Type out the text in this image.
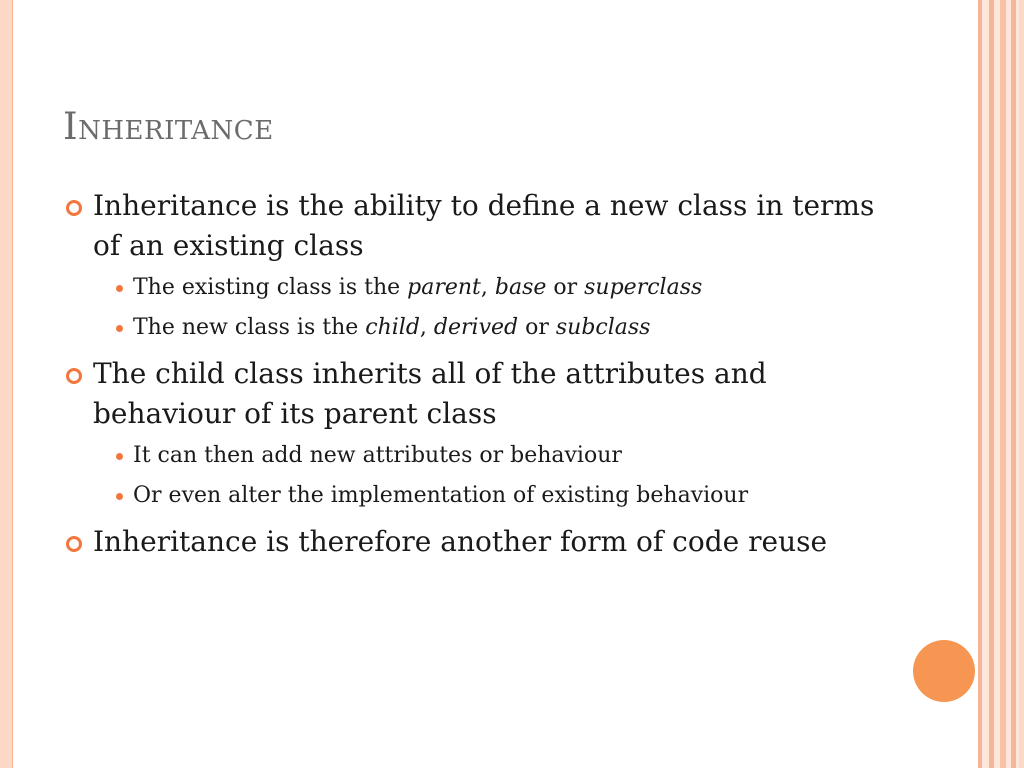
Inheritance
Inheritance is the ability to define a new class in terms of an existing class
The existing class is the parent, base or superclass
The new class is the child, derived or subclass
The child class inherits all of the attributes and behaviour of its parent class
It can then add new attributes or behaviour
Or even alter the implementation of existing behaviour
Inheritance is therefore another form of code reuse
